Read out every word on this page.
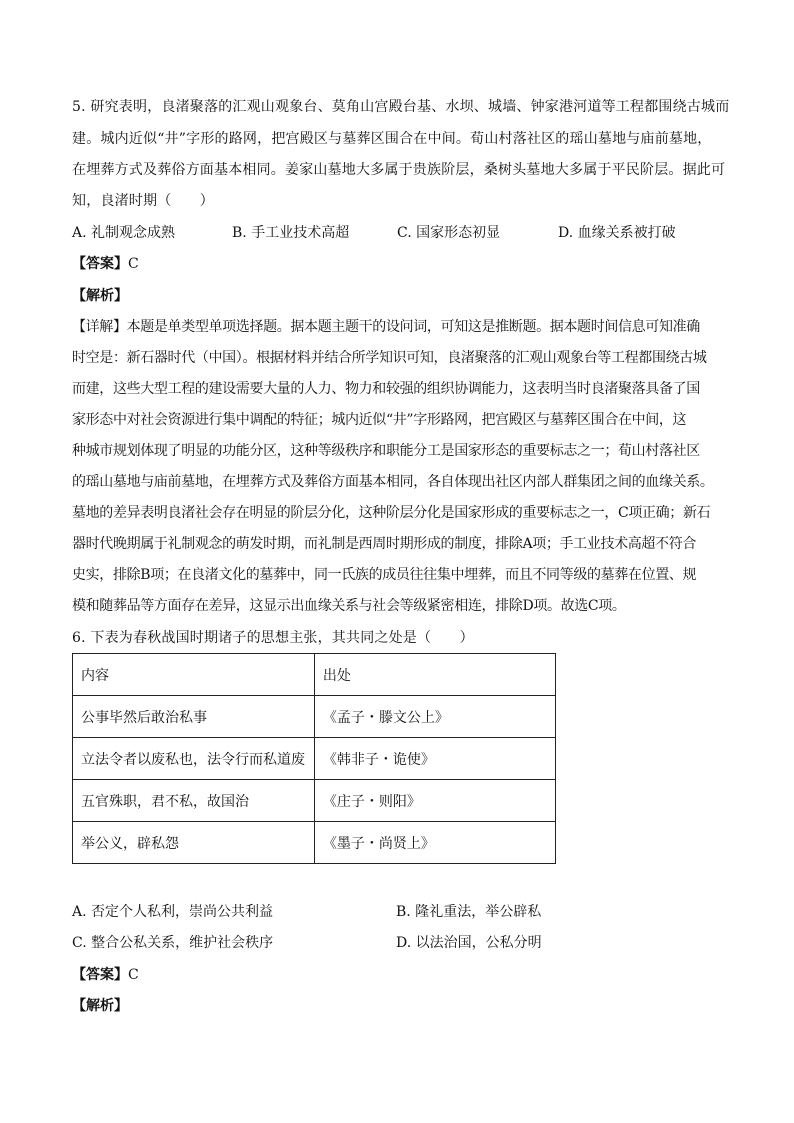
5. 研究表明，良渚聚落的汇观山观象台、莫角山宫殿台基、水坝、城墙、钟家港河道等工程都围绕古城而
建。城内近似“井”字形的路网，把宫殿区与墓葬区围合在中间。荀山村落社区的瑶山墓地与庙前墓地，
在埋葬方式及葬俗方面基本相同。姜家山墓地大多属于贵族阶层，桑树头墓地大多属于平民阶层。据此可
知，良渚时期（　　）
A. 礼制观念成熟	B. 手工业技术高超	C. 国家形态初显	D. 血缘关系被打破
【答案】C
【解析】
【详解】本题是单类型单项选择题。据本题主题干的设问词，可知这是推断题。据本题时间信息可知准确
时空是：新石器时代（中国）。根据材料并结合所学知识可知，良渚聚落的汇观山观象台等工程都围绕古城
而建，这些大型工程的建设需要大量的人力、物力和较强的组织协调能力，这表明当时良渚聚落具备了国
家形态中对社会资源进行集中调配的特征；城内近似“井”字形路网，把宫殿区与墓葬区围合在中间，这
种城市规划体现了明显的功能分区，这种等级秩序和职能分工是国家形态的重要标志之一；荀山村落社区
的瑶山墓地与庙前墓地，在埋葬方式及葬俗方面基本相同，各自体现出社区内部人群集团之间的血缘关系。
墓地的差异表明良渚社会存在明显的阶层分化，这种阶层分化是国家形成的重要标志之一，C项正确；新石
器时代晚期属于礼制观念的萌发时期，而礼制是西周时期形成的制度，排除A项；手工业技术高超不符合
史实，排除B项；在良渚文化的墓葬中，同一氏族的成员往往集中埋葬，而且不同等级的墓葬在位置、规
模和随葬品等方面存在差异，这显示出血缘关系与社会等级紧密相连，排除D项。故选C项。
6. 下表为春秋战国时期诸子的思想主张，其共同之处是（　　）
内容	出处
公事毕然后敢治私事	《孟子・滕文公上》
立法令者以废私也，法令行而私道废	《韩非子・诡使》
五官殊职，君不私，故国治	《庄子・则阳》
举公义，辟私怨	《墨子・尚贤上》
A. 否定个人私利，崇尚公共利益	B. 隆礼重法，举公辟私
C. 整合公私关系，维护社会秩序	D. 以法治国，公私分明
【答案】C
【解析】
